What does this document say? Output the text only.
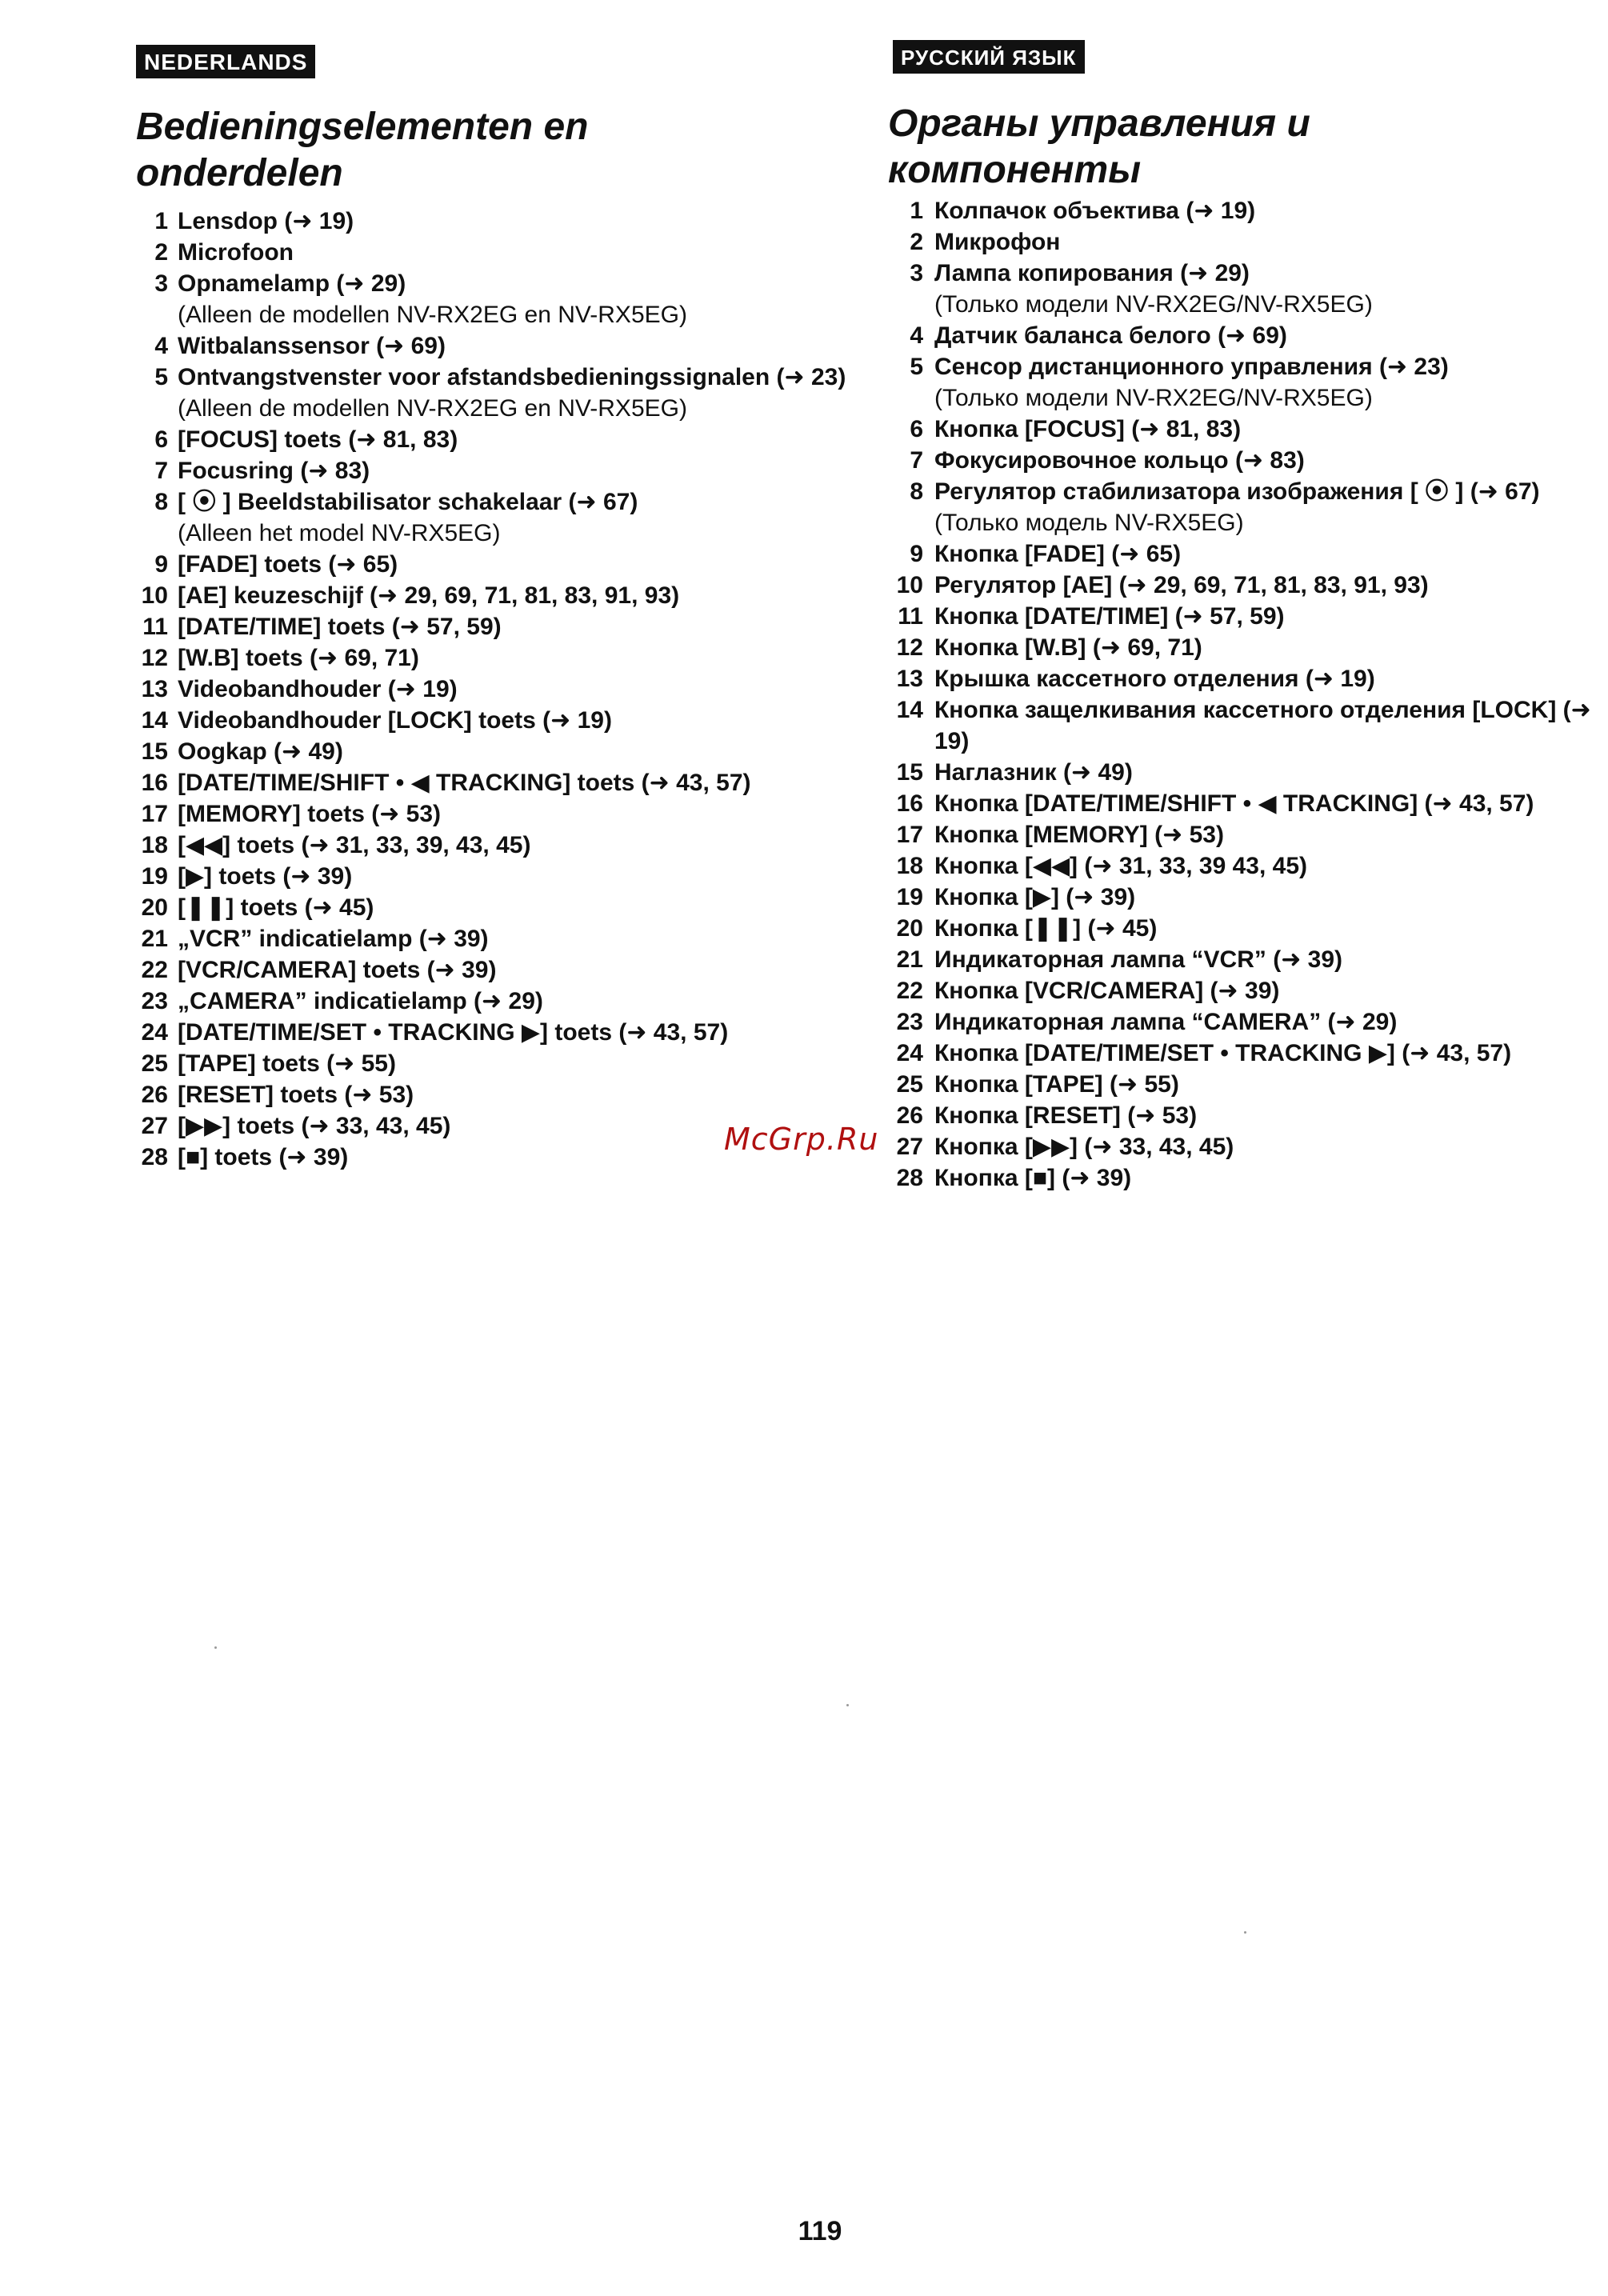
NEDERLANDS
Bedieningselementen en
onderdelen
1 Lensdop (➜ 19)
2 Microfoon
3 Opnamelamp (➜ 29)
(Alleen de modellen NV-RX2EG en NV-RX5EG)
4 Witbalanssensor (➜ 69)
5 Ontvangstvenster voor afstandsbedieningssignalen (➜ 23)
(Alleen de modellen NV-RX2EG en NV-RX5EG)
6 [FOCUS] toets (➜ 81, 83)
7 Focusring (➜ 83)
8 [ ⦿ ] Beeldstabilisator schakelaar (➜ 67)
(Alleen het model NV-RX5EG)
9 [FADE] toets (➜ 65)
10 [AE] keuzeschijf (➜ 29, 69, 71, 81, 83, 91, 93)
11 [DATE/TIME] toets (➜ 57, 59)
12 [W.B] toets (➜ 69, 71)
13 Videobandhouder (➜ 19)
14 Videobandhouder [LOCK] toets (➜ 19)
15 Oogkap (➜ 49)
16 [DATE/TIME/SHIFT • ◀ TRACKING] toets (➜ 43, 57)
17 [MEMORY] toets (➜ 53)
18 [◀◀] toets (➜ 31, 33, 39, 43, 45)
19 [▶] toets (➜ 39)
20 [❚❚] toets (➜ 45)
21 „VCR” indicatielamp (➜ 39)
22 [VCR/CAMERA] toets (➜ 39)
23 „CAMERA” indicatielamp (➜ 29)
24 [DATE/TIME/SET • TRACKING ▶] toets (➜ 43, 57)
25 [TAPE] toets (➜ 55)
26 [RESET] toets (➜ 53)
27 [▶▶] toets (➜ 33, 43, 45)
28 [■] toets (➜ 39)
РУССКИЙ ЯЗЫК
Органы управления и
компоненты
1 Колпачок объектива (➜ 19)
2 Микрофон
3 Лампа копирования (➜ 29)
(Только модели NV-RX2EG/NV-RX5EG)
4 Датчик баланса белого (➜ 69)
5 Сенсор дистанционного управления (➜ 23)
(Только модели NV-RX2EG/NV-RX5EG)
6 Кнопка [FOCUS] (➜ 81, 83)
7 Фокусировочное кольцо (➜ 83)
8 Регулятор стабилизатора изображения [ ⦿ ] (➜ 67)
(Только модель NV-RX5EG)
9 Кнопка [FADE] (➜ 65)
10 Регулятор [AE] (➜ 29, 69, 71, 81, 83, 91, 93)
11 Кнопка [DATE/TIME] (➜ 57, 59)
12 Кнопка [W.B] (➜ 69, 71)
13 Крышка кассетного отделения (➜ 19)
14 Кнопка защелкивания кассетного отделения [LOCK] (➜ 19)
15 Наглазник (➜ 49)
16 Кнопка [DATE/TIME/SHIFT • ◀ TRACKING] (➜ 43, 57)
17 Кнопка [MEMORY] (➜ 53)
18 Кнопка [◀◀] (➜ 31, 33, 39 43, 45)
19 Кнопка [▶] (➜ 39)
20 Кнопка [❚❚] (➜ 45)
21 Индикаторная лампа “VCR” (➜ 39)
22 Кнопка [VCR/CAMERA] (➜ 39)
23 Индикаторная лампа “CAMERA” (➜ 29)
24 Кнопка [DATE/TIME/SET • TRACKING ▶] (➜ 43, 57)
25 Кнопка [TAPE] (➜ 55)
26 Кнопка [RESET] (➜ 53)
27 Кнопка [▶▶] (➜ 33, 43, 45)
28 Кнопка [■] (➜ 39)
McGrp.Ru
119
